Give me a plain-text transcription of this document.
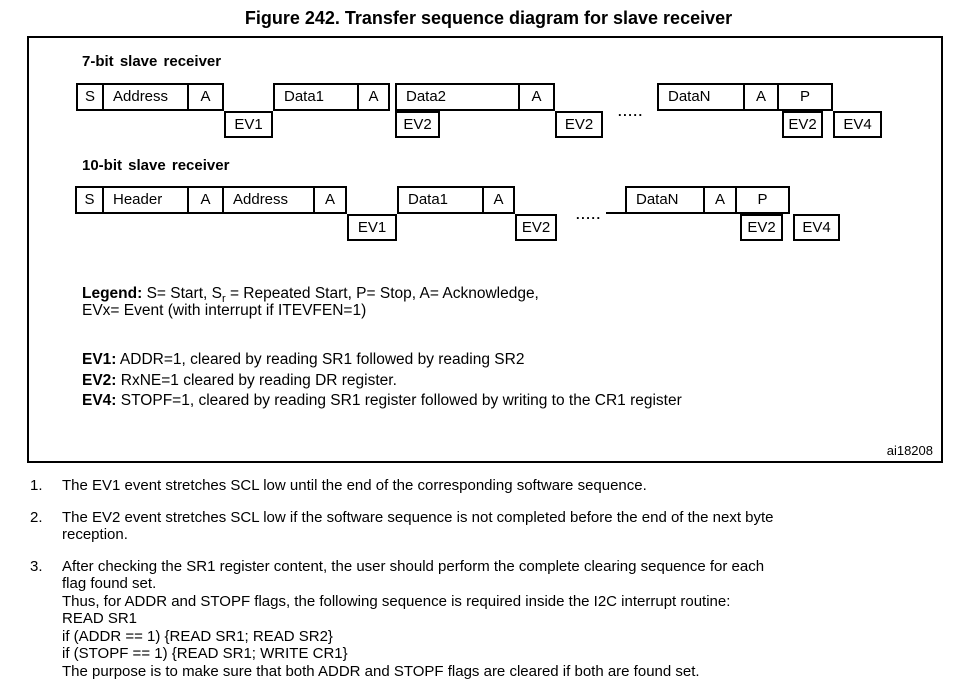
Figure 242. Transfer sequence diagram for slave receiver
ai18208
S	Address	A	Data1	A	Data2	A	DataN	A	P
EV1	EV2	EV2	EV2	EV4
.....
S	Header	A	Address	A	Data1	A	DataN	A	P
EV1	EV2	EV2	EV4
.....
7-bit slave receiver
10-bit slave receiver
Legend: S= Start, $S_r$ = Repeated Start, P= Stop, A= Acknowledge,
EVx= Event (with interrupt if ITEVFEN=1)
EV1: ADDR=1, cleared by reading SR1 followed by reading SR2
EV2: RxNE=1 cleared by reading DR register.
EV4: STOPF=1, cleared by reading SR1 register followed by writing to the CR1 register
1. The EV1 event stretches SCL low until the end of the corresponding software sequence.
2. The EV2 event stretches SCL low if the software sequence is not completed before the end of the next byte
reception.
3. After checking the SR1 register content, the user should perform the complete clearing sequence for each
flag found set.
Thus, for ADDR and STOPF flags, the following sequence is required inside the I2C interrupt routine:
READ SR1
if (ADDR == 1) {READ SR1; READ SR2}
if (STOPF == 1) {READ SR1; WRITE CR1}
The purpose is to make sure that both ADDR and STOPF flags are cleared if both are found set.
